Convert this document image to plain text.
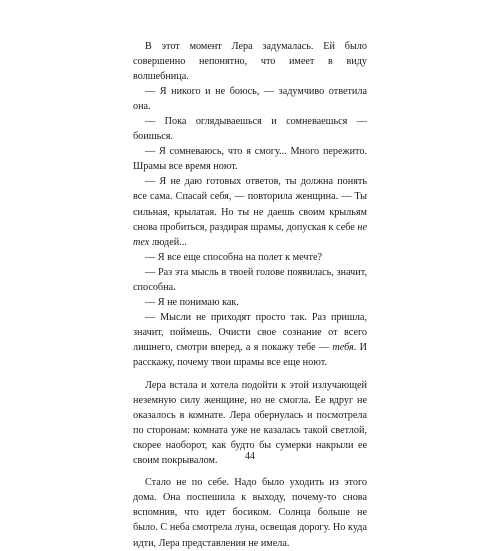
В этот момент Лера задумалась. Ей было совершенно непонятно, что имеет в виду волшебница.

— Я никого и не боюсь, — задумчиво ответила она.

— Пока оглядываешься и сомневаешься — боишься.

— Я сомневаюсь, что я смогу... Много пережито. Шрамы все время ноют.

— Я не даю готовых ответов, ты должна понять все сама. Спасай себя, — повторила женщина. — Ты сильная, крылатая. Но ты не даешь своим крыльям снова пробиться, раздирая шрамы, допуская к себе не тех людей...

— Я все еще способна на полет к мечте?

— Раз эта мысль в твоей голове появилась, значит, способна.

— Я не понимаю как.

— Мысли не приходят просто так. Раз пришла, значит, поймешь. Очисти свое сознание от всего лишнего, смотри вперед, а я покажу тебе — тебя. И расскажу, почему твои шрамы все еще ноют.

Лера встала и хотела подойти к этой излучающей неземную силу женщине, но не смогла. Ее вдруг не оказалось в комнате. Лера обернулась и посмотрела по сторонам: комната уже не казалась такой светлой, скорее наоборот, как будто бы сумерки накрыли ее своим покрывалом.

Стало не по себе. Надо было уходить из этого дома. Она поспешила к выходу, почему-то снова вспомнив, что идет босиком. Солнца больше не было. С неба смотрела луна, освещая дорогу. Но куда идти, Лера представления не имела.

44
